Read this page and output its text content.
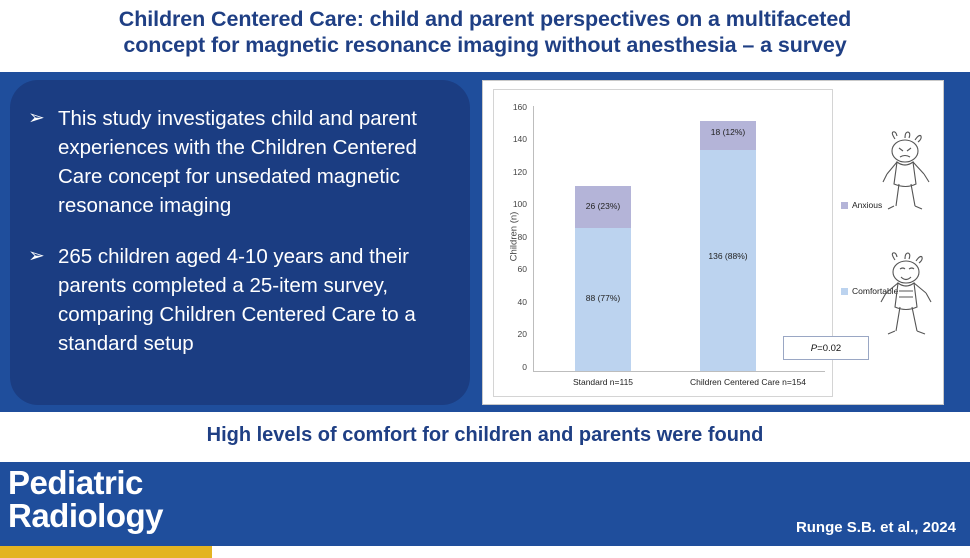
Children Centered Care: child and parent perspectives on a multifaceted
concept for magnetic resonance imaging without anesthesia – a survey
➢ This study investigates child and parent experiences with the Children Centered Care concept for unsedated magnetic resonance imaging
➢ 265 children aged 4-10 years and their parents completed a 25-item survey, comparing Children Centered Care to a standard setup
Children (n)
0
20
40
60
80
100
120
140
160
88 (77%)
26 (23%)
136 (88%)
18 (12%)
Standard n=115	Children Centered Care n=154
Anxious
Comfortable
P =0.02
High levels of comfort for children and parents were found
Pediatric
Radiology	Runge S.B. et al., 2024
